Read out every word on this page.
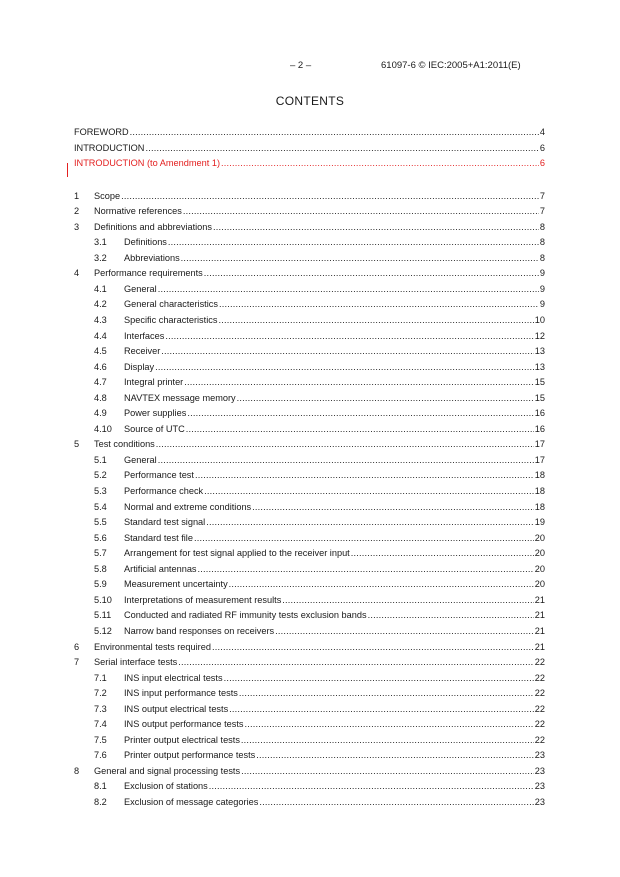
– 2 –	61097-6 © IEC:2005+A1:2011(E)
CONTENTS
FOREWORD .....	4
INTRODUCTION .....	6
INTRODUCTION (to Amendment 1) .....	6
1	Scope .....	7
2	Normative references .....	7
3	Definitions and abbreviations .....	8
3.1	Definitions .....	8
3.2	Abbreviations .....	8
4	Performance requirements .....	9
4.1	General .....	9
4.2	General characteristics .....	9
4.3	Specific characteristics .....	10
4.4	Interfaces .....	12
4.5	Receiver .....	13
4.6	Display .....	13
4.7	Integral printer .....	15
4.8	NAVTEX message memory .....	15
4.9	Power supplies .....	16
4.10	Source of UTC .....	16
5	Test conditions .....	17
5.1	General .....	17
5.2	Performance test .....	18
5.3	Performance check .....	18
5.4	Normal and extreme conditions .....	18
5.5	Standard test signal .....	19
5.6	Standard test file .....	20
5.7	Arrangement for test signal applied to the receiver input .....	20
5.8	Artificial antennas .....	20
5.9	Measurement uncertainty .....	20
5.10	Interpretations of measurement results .....	21
5.11	Conducted and radiated RF immunity tests exclusion bands .....	21
5.12	Narrow band responses on receivers .....	21
6	Environmental tests required .....	21
7	Serial interface tests .....	22
7.1	INS input electrical tests .....	22
7.2	INS input performance tests .....	22
7.3	INS output electrical tests .....	22
7.4	INS output performance tests .....	22
7.5	Printer output electrical tests .....	22
7.6	Printer output performance tests .....	23
8	General and signal processing tests .....	23
8.1	Exclusion of stations .....	23
8.2	Exclusion of message categories .....	23
